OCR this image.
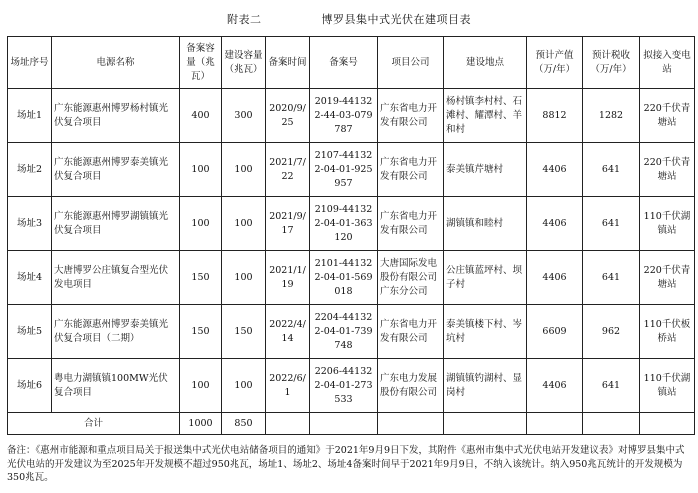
附表二	博罗县集中式光伏在建项目表
场址序号	电源名称	备案容量（兆瓦）	建设容量（兆瓦）	备案时间	备案号	项目公司	建设地点	预计产值（万/年）	预计税收（万/年）	拟接入变电站
场址1	广东能源惠州博罗杨村镇光伏复合项目	400	300	2020/9/25	2019-441322-44-03-079787	广东省电力开发有限公司	杨村镇李村村、石滩村、耀潭村、羊和村	8812	1282	220千伏青塘站
场址2	广东能源惠州博罗泰美镇光伏复合项目	100	100	2021/7/22	2107-441322-04-01-925957	广东省电力开发有限公司	泰美镇芹塘村	4406	641	220千伏青塘站
场址3	广东能源惠州博罗湖镇镇光伏复合项目	100	100	2021/9/17	2109-441322-04-01-363120	广东省电力开发有限公司	湖镇镇和睦村	4406	641	110千伏湖镇站
场址4	大唐博罗公庄镇复合型光伏发电项目	150	100	2021/1/19	2101-441322-04-01-569018	大唐国际发电股份有限公司广东分公司	公庄镇蓝坪村、坝子村	4406	641	220千伏青塘站
场址5	广东能源惠州博罗泰美镇光伏复合项目（二期）	150	150	2022/4/14	2204-441322-04-01-739748	广东省电力开发有限公司	泰美镇楼下村、岑坑村	6609	962	110千伏板桥站
场址6	粤电力湖镇镇100MW光伏复合项目	100	100	2022/6/1	2206-441322-04-01-273533	广东电力发展股份有限公司	湖镇镇钓湖村、显岗村	4406	641	110千伏湖镇站
合计		1000	850							
备注：《惠州市能源和重点项目局关于报送集中式光伏电站储备项目的通知》于2021年9月9日下发，其附件《惠州市集中式光伏电站开发建议表》对博罗县集中式光伏电站的开发建议为至2025年开发规模不超过950兆瓦，场址1、场址2、场址4备案时间早于2021年9月9日，不纳入该统计。纳入950兆瓦统计的开发规模为350兆瓦。
